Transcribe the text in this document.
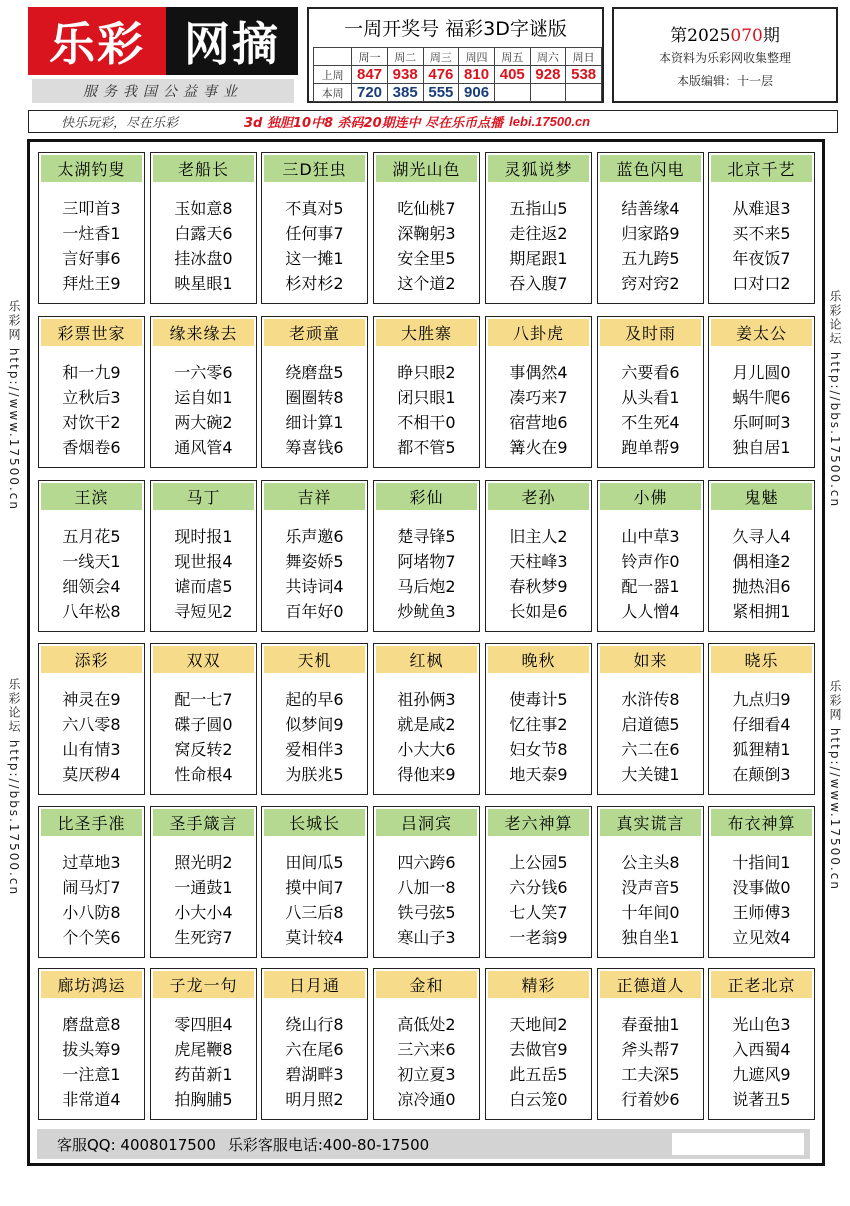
乐彩 网摘
服务我国公益事业
一周开奖号 福彩3D字谜版
	周一	周二	周三	周四	周五	周六	周日
上周	847	938	476	810	405	928	538
本周	720	385	555	906			
第2025070期
本资料为乐彩网收集整理
本版编辑：十一层
快乐玩彩，尽在乐彩	3d 独胆10中8 杀码20期连中 尽在乐币点播 lebi.17500.cn
乐彩网 http://www.17500.cn
乐彩论坛 http://bbs.17500.cn
乐彩论坛 http://bbs.17500.cn
乐彩网 http://www.17500.cn
太湖钓叟
三叩首3
一炷香1
言好事6
拜灶王9
老船长
玉如意8
白露天6
挂冰盘0
映星眼1
三D狂虫
不真对5
任何事7
这一摊1
杉对杉2
湖光山色
吃仙桃7
深鞠躬3
安全里5
这个道2
灵狐说梦
五指山5
走往返2
期尾跟1
吞入腹7
蓝色闪电
结善缘4
归家路9
五九跨5
窍对窍2
北京千艺
从难退3
买不来5
年夜饭7
口对口2
彩票世家
和一九9
立秋后3
对饮干2
香烟卷6
缘来缘去
一六零6
运自如1
两大碗2
通风管4
老顽童
绕磨盘5
圈圈转8
细计算1
筹喜钱6
大胜寨
睁只眼2
闭只眼1
不相干0
都不管5
八卦虎
事偶然4
凑巧来7
宿营地6
篝火在9
及时雨
六要看6
从头看1
不生死4
跑单帮9
姜太公
月儿圆0
蜗牛爬6
乐呵呵3
独自居1
王滨
五月花5
一线天1
细领会4
八年松8
马丁
现时报1
现世报4
谑而虐5
寻短见2
吉祥
乐声邀6
舞姿娇5
共诗词4
百年好0
彩仙
楚寻锋5
阿堵物7
马后炮2
炒鱿鱼3
老孙
旧主人2
天柱峰3
春秋梦9
长如是6
小佛
山中草3
铃声作0
配一器1
人人憎4
鬼魅
久寻人4
偶相逢2
抛热泪6
紧相拥1
添彩
神灵在9
六八零8
山有情3
莫厌秽4
双双
配一七7
碟子圆0
窝反转2
性命根4
天机
起的早6
似梦间9
爱相伴3
为朕兆5
红枫
祖孙俩3
就是咸2
小大大6
得他来9
晚秋
使毒计5
忆往事2
妇女节8
地天泰9
如来
水浒传8
启道德5
六二在6
大关键1
晓乐
九点归9
仔细看4
狐狸精1
在颠倒3
比圣手准
过草地3
闹马灯7
小八防8
个个笑6
圣手箴言
照光明2
一通鼓1
小大小4
生死窍7
长城长
田间瓜5
摸中间7
八三后8
莫计较4
吕洞宾
四六跨6
八加一8
铁弓弦5
寒山子3
老六神算
上公园5
六分钱6
七人笑7
一老翁9
真实谎言
公主头8
没声音5
十年间0
独自坐1
布衣神算
十指间1
没事做0
王师傅3
立见效4
廊坊鸿运
磨盘意8
拔头筹9
一注意1
非常道4
子龙一句
零四胆4
虎尾鞭8
药苗新1
拍胸脯5
日月通
绕山行8
六在尾6
碧湖畔3
明月照2
金和
高低处2
三六来6
初立夏3
凉冷通0
精彩
天地间2
去做官9
此五岳5
白云笼0
正德道人
春蚕抽1
斧头帮7
工夫深5
行着妙6
正老北京
光山色3
入西蜀4
九遮风9
说著丑5
客服QQ: 4008017500 乐彩客服电话:400-80-17500
